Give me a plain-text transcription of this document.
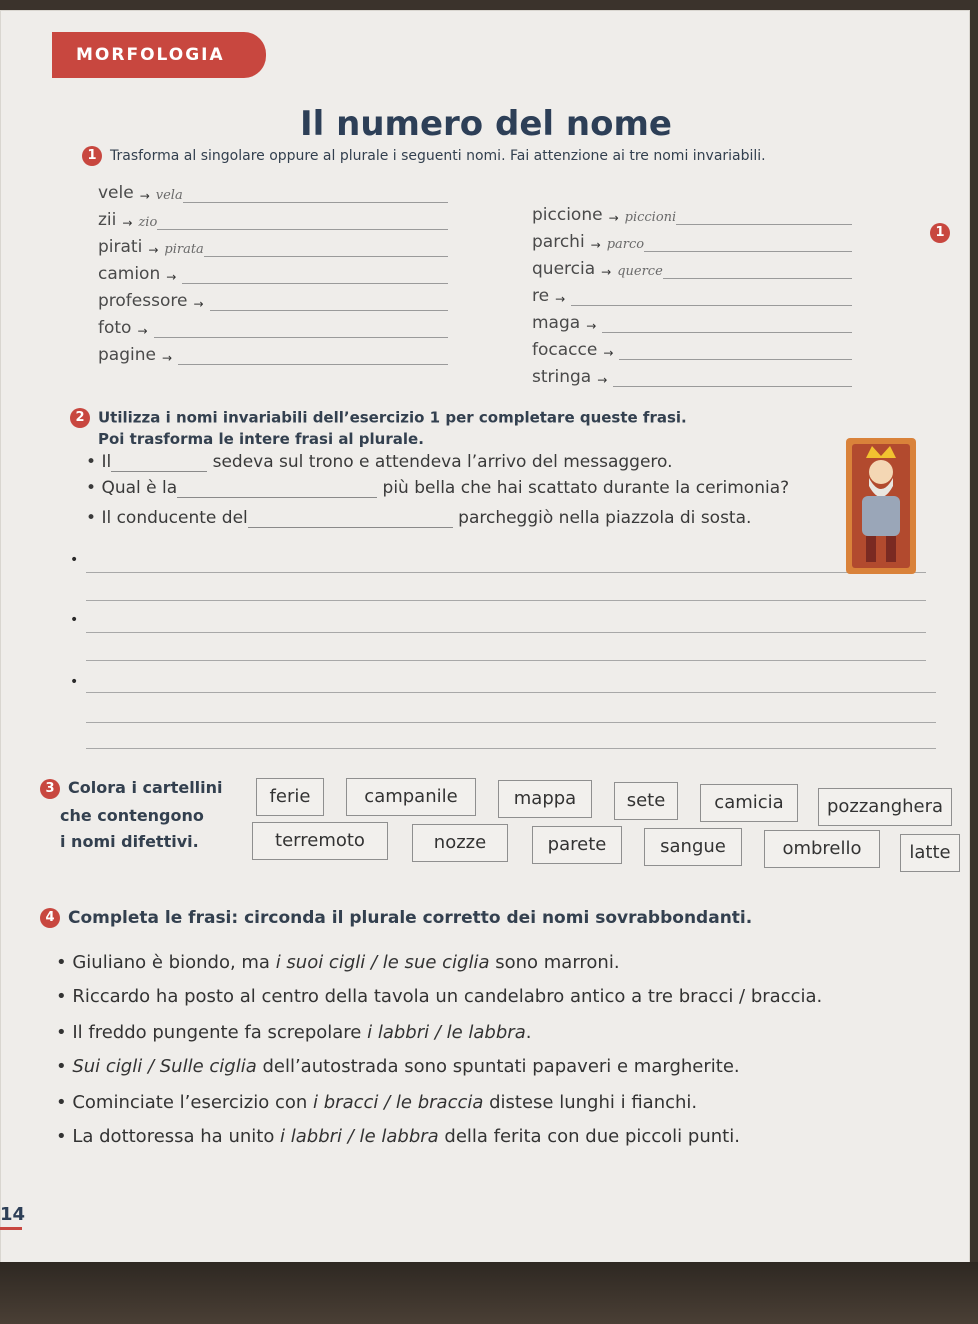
MORFOLOGIA
Il numero del nome
1 Trasforma al singolare oppure al plurale i seguenti nomi. Fai attenzione ai tre nomi invariabili.
1
vele → vela
zii → zio
pirati → pirata
camion →
professore →
foto →
pagine →
piccione → piccioni
parchi → parco
quercia → querce
re →
maga →
focacce →
stringa →
2 Utilizza i nomi invariabili dell’esercizio 1 per completare queste frasi.
Poi trasforma le intere frasi al plurale.
• Il	sedeva sul trono e attendeva l’arrivo del messaggero.
• Qual è la	più bella che hai scattato durante la cerimonia?
• Il conducente del	parcheggiò nella piazzola di sosta.
•
•
•
3 Colora i cartellini
che contengono
i nomi difettivi.
ferie	campanile	mappa	sete	camicia	pozzanghera
terremoto	nozze	parete	sangue	ombrello	latte
4 Completa le frasi: circonda il plurale corretto dei nomi sovrabbondanti.
• Giuliano è biondo, ma i suoi cigli / le sue ciglia sono marroni.
• Riccardo ha posto al centro della tavola un candelabro antico a tre bracci / braccia.
• Il freddo pungente fa screpolare i labbri / le labbra.
• Sui cigli / Sulle ciglia dell’autostrada sono spuntati papaveri e margherite.
• Cominciate l’esercizio con i bracci / le braccia distese lunghi i fianchi.
• La dottoressa ha unito i labbri / le labbra della ferita con due piccoli punti.
14
